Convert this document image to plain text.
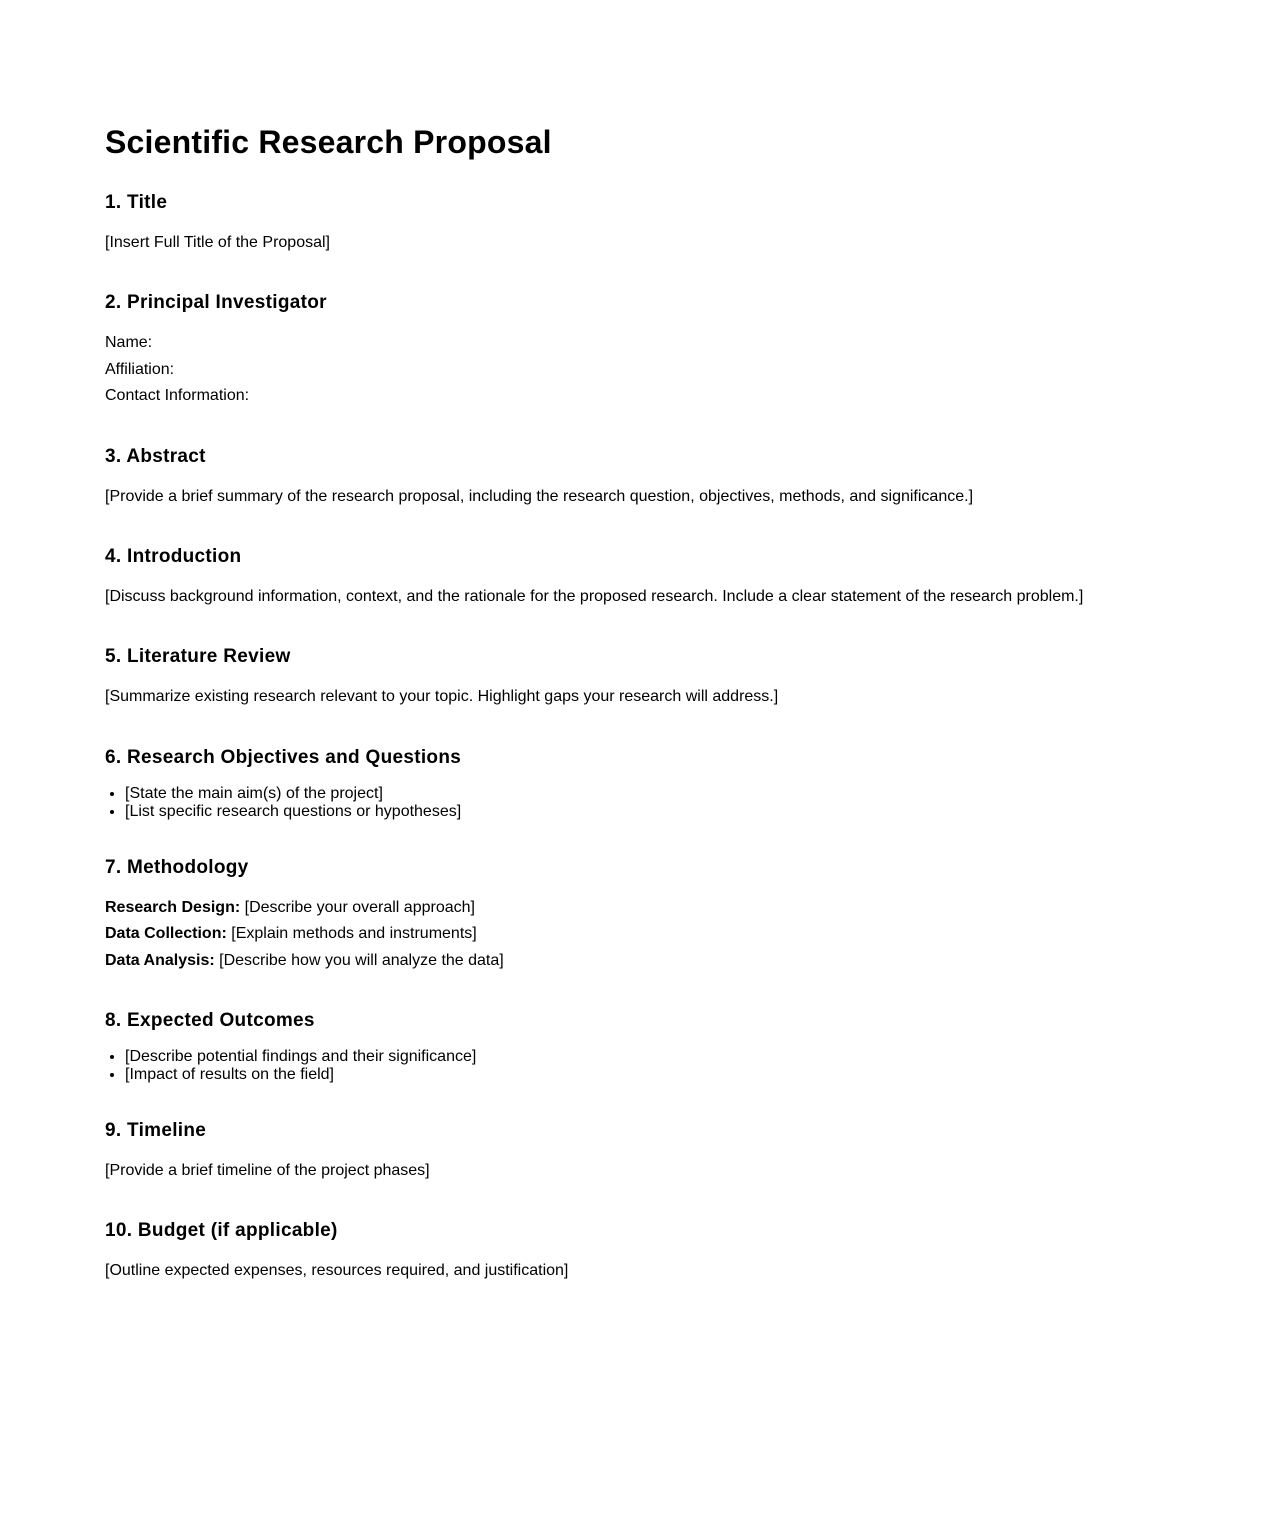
Scientific Research Proposal
1. Title

[Insert Full Title of the Proposal]

2. Principal Investigator
Name:
Affiliation:
Contact Information:
3. Abstract

[Provide a brief summary of the research proposal, including the research question, objectives, methods, and significance.]

4. Introduction

[Discuss background information, context, and the rationale for the proposed research. Include a clear statement of the research problem.]

5. Literature Review

[Summarize existing research relevant to your topic. Highlight gaps your research will address.]

6. Research Objectives and Questions
• [State the main aim(s) of the project]
• [List specific research questions or hypotheses]
7. Methodology
Research Design: [Describe your overall approach]
Data Collection: [Explain methods and instruments]
Data Analysis: [Describe how you will analyze the data]
8. Expected Outcomes
• [Describe potential findings and their significance]
• [Impact of results on the field]
9. Timeline

[Provide a brief timeline of the project phases]

10. Budget (if applicable)

[Outline expected expenses, resources required, and justification]
